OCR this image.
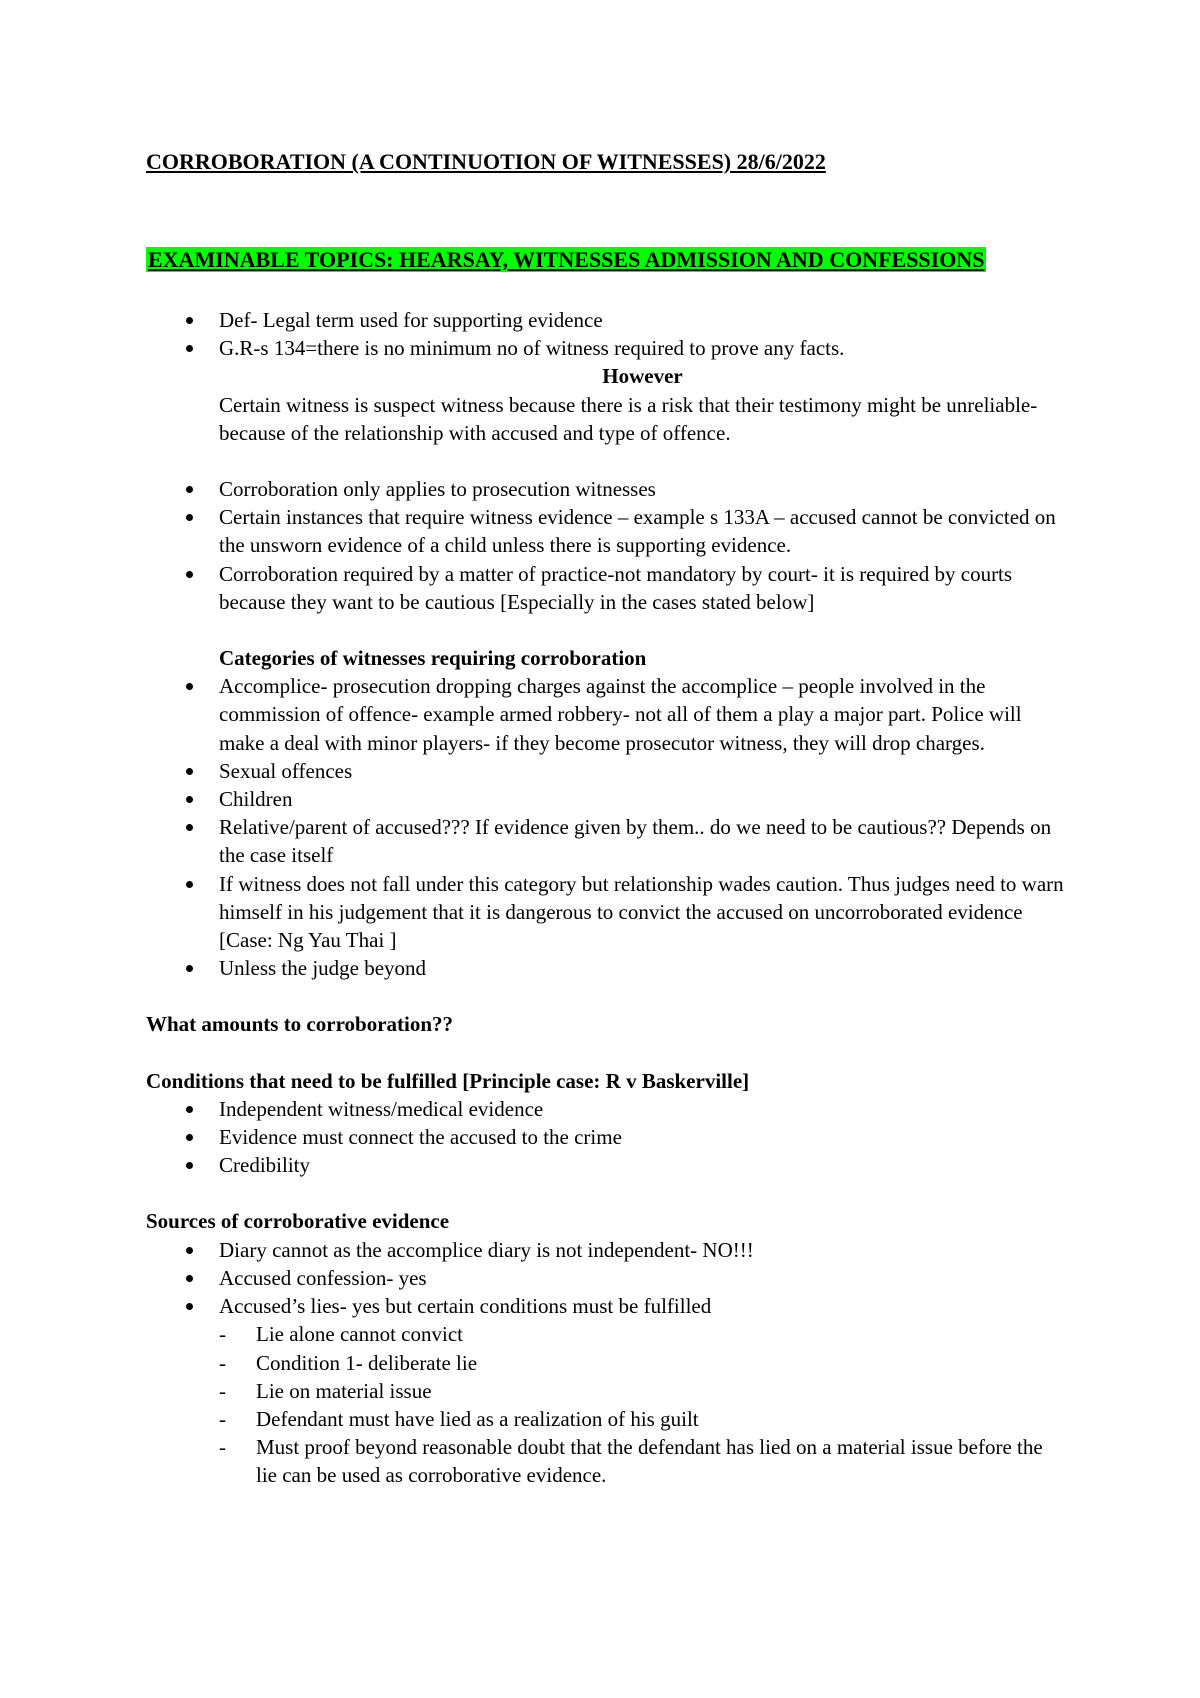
CORROBORATION (A CONTINUOTION OF WITNESSES) 28/6/2022

EXAMINABLE TOPICS: HEARSAY, WITNESSES ADMISSION AND CONFESSIONS
Def- Legal term used for supporting evidence
G.R-s 134=there is no minimum no of witness required to prove any facts.
However
Certain witness is suspect witness because there is a risk that their testimony might be unreliable- because of the relationship with accused and type of offence.
Corroboration only applies to prosecution witnesses
Certain instances that require witness evidence – example s 133A – accused cannot be convicted on the unsworn evidence of a child unless there is supporting evidence.
Corroboration required by a matter of practice-not mandatory by court- it is required by courts because they want to be cautious [Especially in the cases stated below]
Categories of witnesses requiring corroboration
Accomplice- prosecution dropping charges against the accomplice – people involved in the commission of offence- example armed robbery- not all of them a play a major part. Police will make a deal with minor players- if they become prosecutor witness, they will drop charges.
Sexual offences
Children
Relative/parent of accused??? If evidence given by them.. do we need to be cautious?? Depends on the case itself
If witness does not fall under this category but relationship wades caution. Thus judges need to warn himself in his judgement that it is dangerous to convict the accused on uncorroborated evidence [Case: Ng Yau Thai ]
Unless the judge beyond
What amounts to corroboration??
Conditions that need to be fulfilled [Principle case: R v Baskerville]
Independent witness/medical evidence
Evidence must connect the accused to the crime
Credibility
Sources of corroborative evidence
Diary cannot as the accomplice diary is not independent- NO!!!
Accused confession- yes
Accused’s lies- yes but certain conditions must be fulfilled
- Lie alone cannot convict
- Condition 1- deliberate lie
- Lie on material issue
- Defendant must have lied as a realization of his guilt
- Must proof beyond reasonable doubt that the defendant has lied on a material issue before the lie can be used as corroborative evidence.
